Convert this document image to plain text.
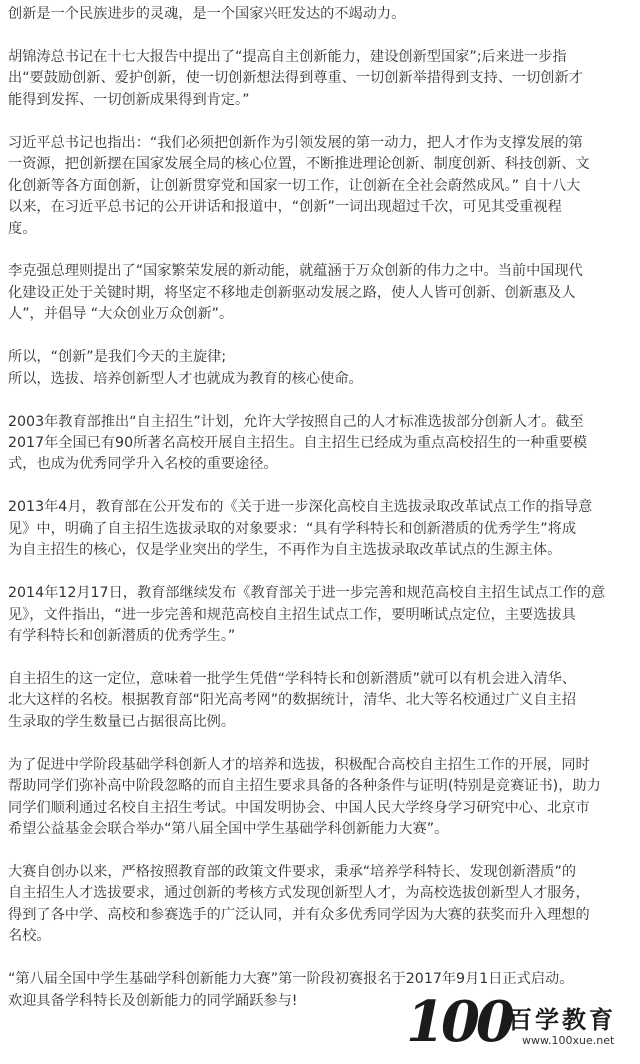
创新是一个民族进步的灵魂，是一个国家兴旺发达的不竭动力。
胡锦涛总书记在十七大报告中提出了“提高自主创新能力，建设创新型国家”;后来进一步指
出“要鼓励创新、爱护创新，使一切创新想法得到尊重、一切创新举措得到支持、一切创新才
能得到发挥、一切创新成果得到肯定。”
习近平总书记也指出：“我们必须把创新作为引领发展的第一动力，把人才作为支撑发展的第
一资源，把创新摆在国家发展全局的核心位置，不断推进理论创新、制度创新、科技创新、文
化创新等各方面创新，让创新贯穿党和国家一切工作，让创新在全社会蔚然成风。” 自十八大
以来，在习近平总书记的公开讲话和报道中，“创新”一词出现超过千次，可见其受重视程
度。
李克强总理则提出了“国家繁荣发展的新动能，就蕴涵于万众创新的伟力之中。当前中国现代
化建设正处于关键时期，将坚定不移地走创新驱动发展之路，使人人皆可创新、创新惠及人
人”，并倡导 “大众创业万众创新”。
所以，“创新”是我们今天的主旋律;
所以，选拔、培养创新型人才也就成为教育的核心使命。
2003年教育部推出“自主招生”计划，允许大学按照自己的人才标准选拔部分创新人才。截至
2017年全国已有90所著名高校开展自主招生。自主招生已经成为重点高校招生的一种重要模
式，也成为优秀同学升入名校的重要途径。
2013年4月，教育部在公开发布的《关于进一步深化高校自主选拔录取改革试点工作的指导意
见》中，明确了自主招生选拔录取的对象要求：“具有学科特长和创新潜质的优秀学生”将成
为自主招生的核心，仅是学业突出的学生，不再作为自主选拔录取改革试点的生源主体。
2014年12月17日，教育部继续发布《教育部关于进一步完善和规范高校自主招生试点工作的意
见》，文件指出，“进一步完善和规范高校自主招生试点工作，要明晰试点定位，主要选拔具
有学科特长和创新潜质的优秀学生。”
自主招生的这一定位，意味着一批学生凭借“学科特长和创新潜质”就可以有机会进入清华、
北大这样的名校。根据教育部“阳光高考网”的数据统计，清华、北大等名校通过广义自主招
生录取的学生数量已占据很高比例。
为了促进中学阶段基础学科创新人才的培养和选拔，积极配合高校自主招生工作的开展，同时
帮助同学们弥补高中阶段忽略的而自主招生要求具备的各种条件与证明(特别是竞赛证书)，助力
同学们顺利通过名校自主招生考试。中国发明协会、中国人民大学终身学习研究中心、北京市
希望公益基金会联合举办“第八届全国中学生基础学科创新能力大赛”。
大赛自创办以来，严格按照教育部的政策文件要求，秉承“培养学科特长、发现创新潜质”的
自主招生人才选拔要求，通过创新的考核方式发现创新型人才，为高校选拔创新型人才服务，
得到了各中学、高校和参赛选手的广泛认同，并有众多优秀同学因为大赛的获奖而升入理想的
名校。
“第八届全国中学生基础学科创新能力大赛”第一阶段初赛报名于2017年9月1日正式启动。
欢迎具备学科特长及创新能力的同学踊跃参与!	100
百学教育
www.100xue.net
